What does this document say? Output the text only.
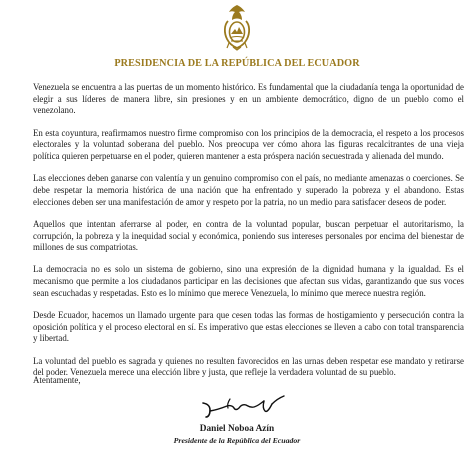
PRESIDENCIA DE LA REPÚBLICA DEL ECUADOR

Venezuela se encuentra a las puertas de un momento histórico. Es fundamental que la ciudadanía tenga la oportunidad de elegir a sus líderes de manera libre, sin presiones y en un ambiente democrático, digno de un pueblo como el venezolano.

En esta coyuntura, reafirmamos nuestro firme compromiso con los principios de la democracia, el respeto a los procesos electorales y la voluntad soberana del pueblo. Nos preocupa ver cómo ahora las figuras recalcitrantes de una vieja política quieren perpetuarse en el poder, quieren mantener a esta próspera nación secuestrada y alienada del mundo.

Las elecciones deben ganarse con valentía y un genuino compromiso con el país, no mediante amenazas o coerciones. Se debe respetar la memoria histórica de una nación que ha enfrentado y superado la pobreza y el abandono. Estas elecciones deben ser una manifestación de amor y respeto por la patria, no un medio para satisfacer deseos de poder.

Aquellos que intentan aferrarse al poder, en contra de la voluntad popular, buscan perpetuar el autoritarismo, la corrupción, la pobreza y la inequidad social y económica, poniendo sus intereses personales por encima del bienestar de millones de sus compatriotas.

La democracia no es solo un sistema de gobierno, sino una expresión de la dignidad humana y la igualdad. Es el mecanismo que permite a los ciudadanos participar en las decisiones que afectan sus vidas, garantizando que sus voces sean escuchadas y respetadas. Esto es lo mínimo que merece Venezuela, lo mínimo que merece nuestra región.

Desde Ecuador, hacemos un llamado urgente para que cesen todas las formas de hostigamiento y persecución contra la oposición política y el proceso electoral en sí. Es imperativo que estas elecciones se lleven a cabo con total transparencia y libertad.

La voluntad del pueblo es sagrada y quienes no resulten favorecidos en las urnas deben respetar ese mandato y retirarse del poder. Venezuela merece una elección libre y justa, que refleje la verdadera voluntad de su pueblo.

Atentamente,
Daniel Noboa Azín
Presidente de la República del Ecuador
